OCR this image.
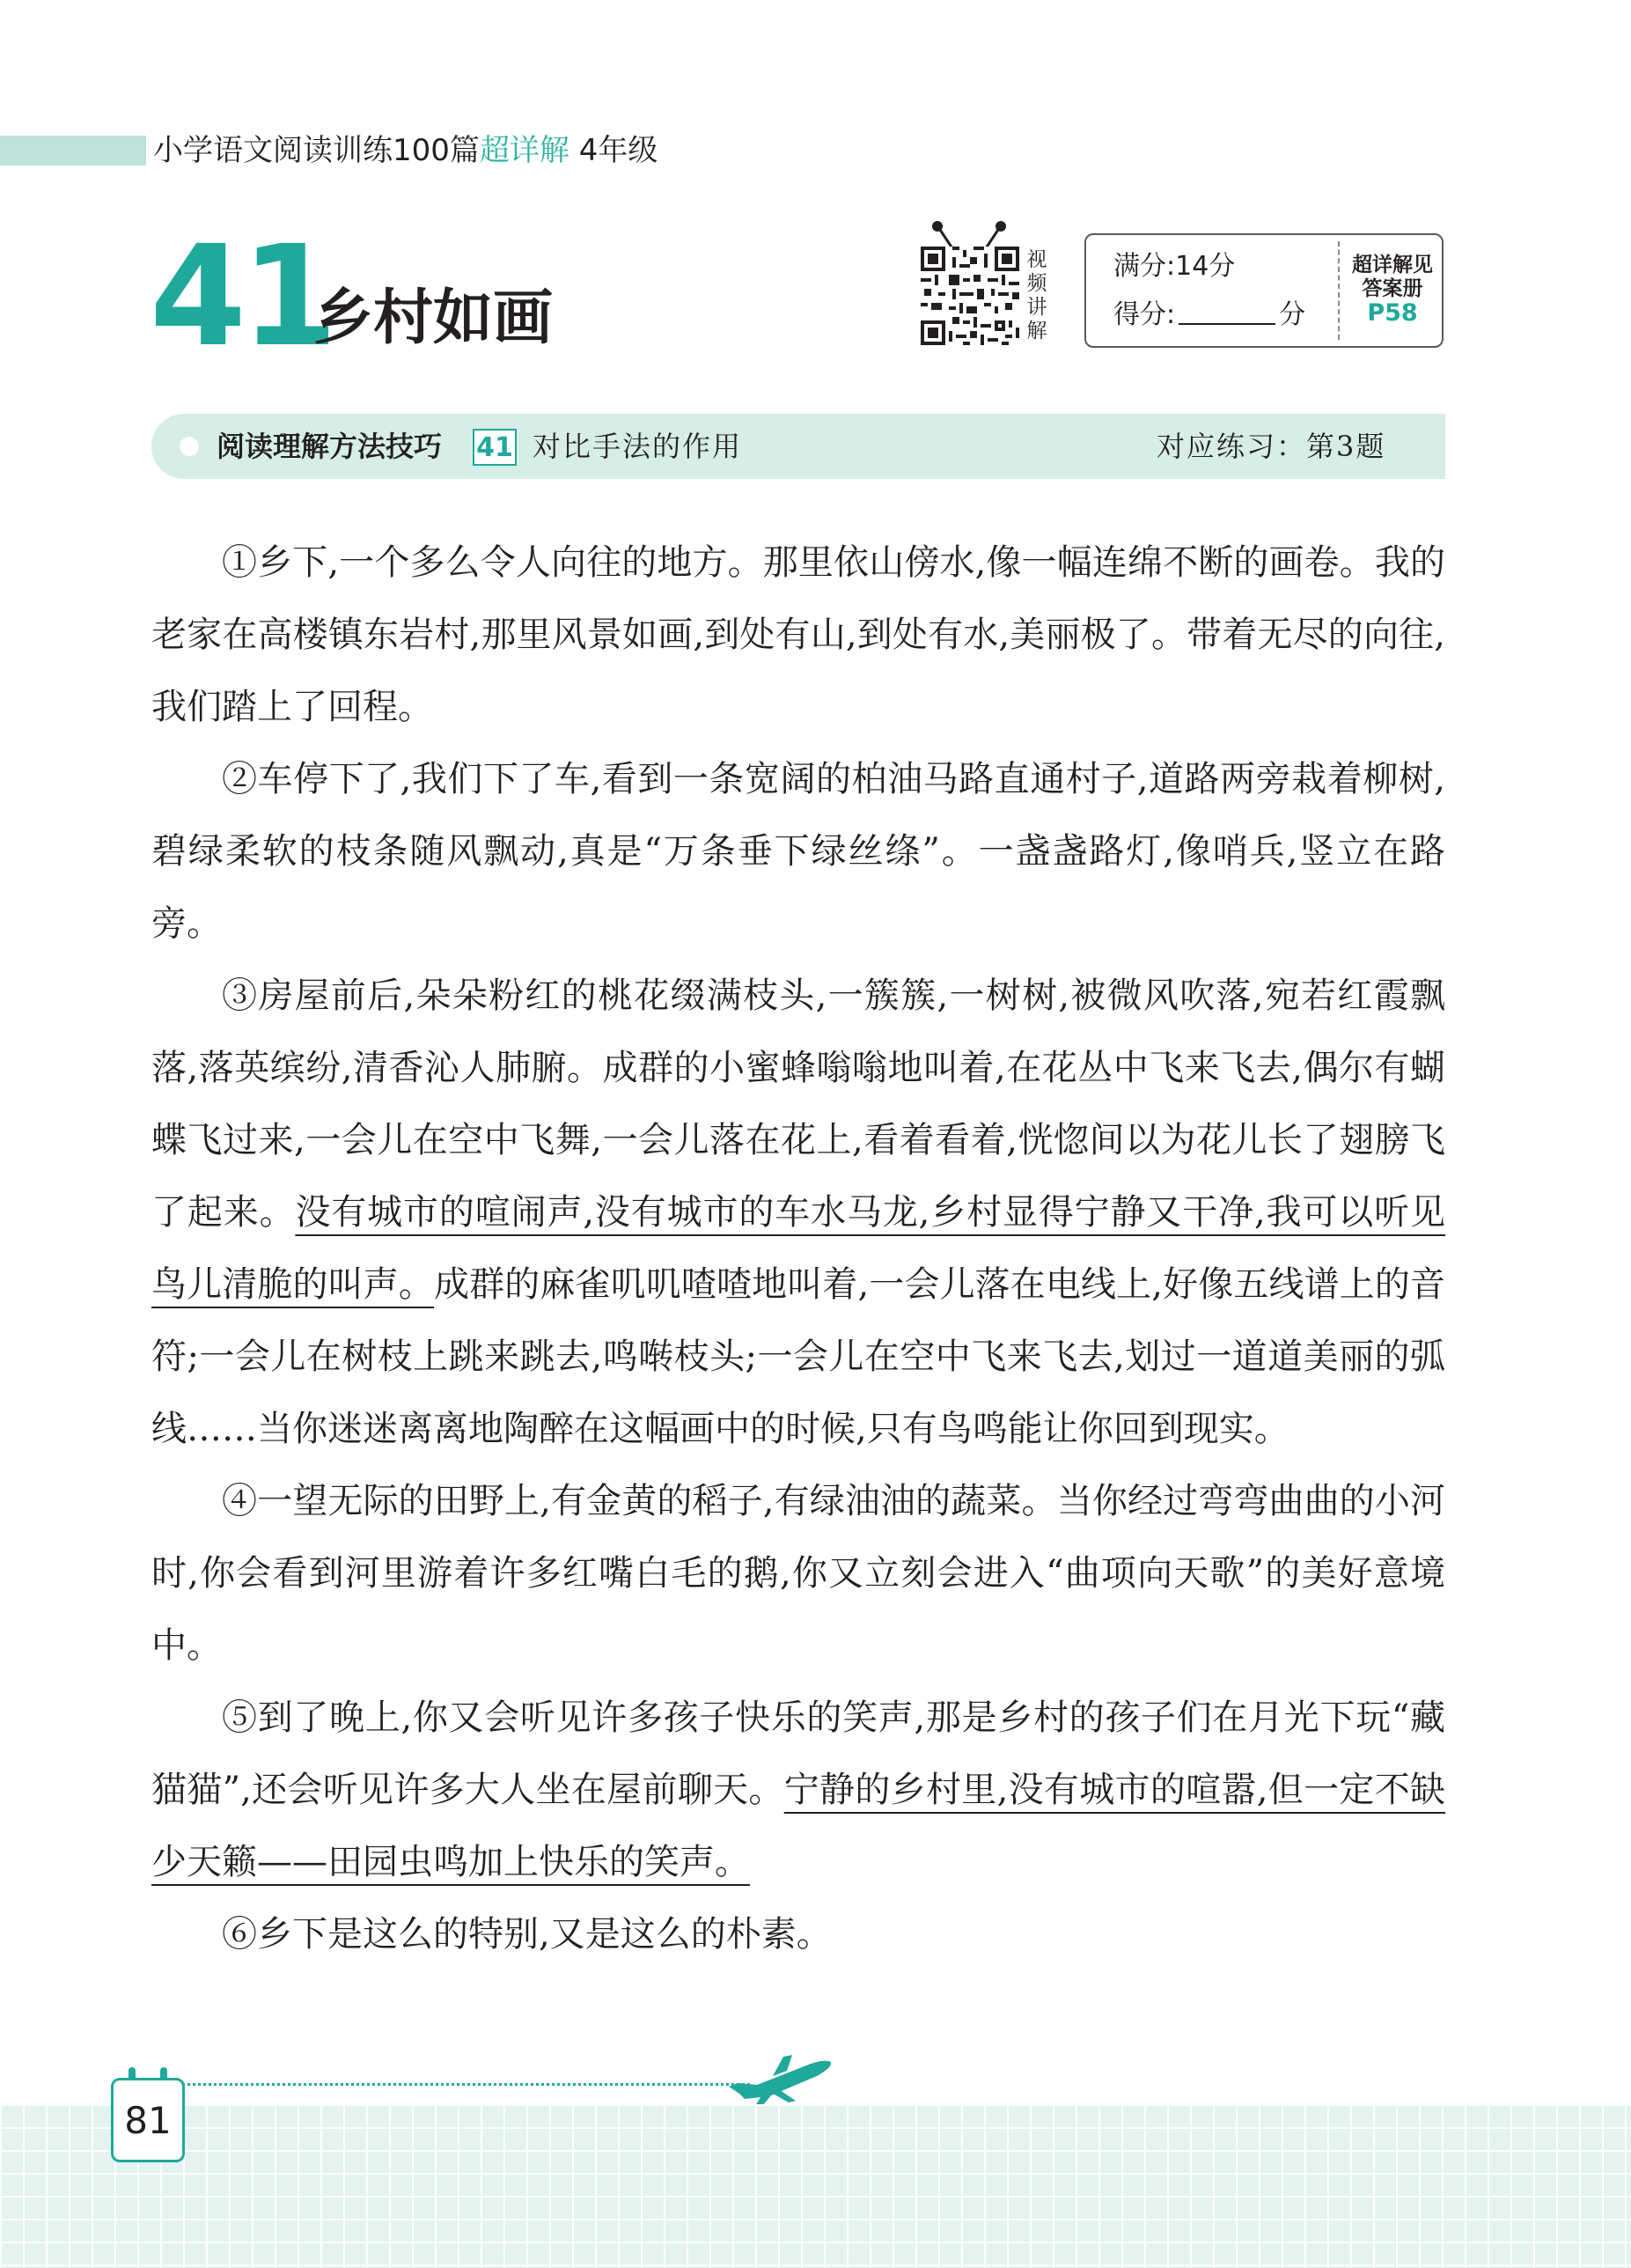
小学语文阅读训练100篇超详解 4年级
41
乡村如画
视
频
讲
解
满分:14分
得分:	分
超详解见
答案册
P58
阅读理解方法技巧 41 对比手法的作用	对应练习：第3题

①乡下,一个多么令人向往的地方。那里依山傍水,像一幅连绵不断的画卷。我的老家在高楼镇东岩村,那里风景如画,到处有山,到处有水,美丽极了。带着无尽的向往,我们踏上了回程。

②车停下了,我们下了车,看到一条宽阔的柏油马路直通村子,道路两旁栽着柳树,碧绿柔软的枝条随风飘动,真是“万条垂下绿丝绦”。一盏盏路灯,像哨兵,竖立在路旁。

③房屋前后,朵朵粉红的桃花缀满枝头,一簇簇,一树树,被微风吹落,宛若红霞飘落,落英缤纷,清香沁人肺腑。成群的小蜜蜂嗡嗡地叫着,在花丛中飞来飞去,偶尔有蝴蝶飞过来,一会儿在空中飞舞,一会儿落在花上,看着看着,恍惚间以为花儿长了翅膀飞了起来。没有城市的喧闹声,没有城市的车水马龙,乡村显得宁静又干净,我可以听见鸟儿清脆的叫声。成群的麻雀叽叽喳喳地叫着,一会儿落在电线上,好像五线谱上的音符;一会儿在树枝上跳来跳去,鸣啭枝头;一会儿在空中飞来飞去,划过一道道美丽的弧线……当你迷迷离离地陶醉在这幅画中的时候,只有鸟鸣能让你回到现实。

④一望无际的田野上,有金黄的稻子,有绿油油的蔬菜。当你经过弯弯曲曲的小河时,你会看到河里游着许多红嘴白毛的鹅,你又立刻会进入“曲项向天歌”的美好意境中。

⑤到了晚上,你又会听见许多孩子快乐的笑声,那是乡村的孩子们在月光下玩“藏猫猫”,还会听见许多大人坐在屋前聊天。宁静的乡村里,没有城市的喧嚣,但一定不缺少天籁——田园虫鸣加上快乐的笑声。

⑥乡下是这么的特别,又是这么的朴素。

81
